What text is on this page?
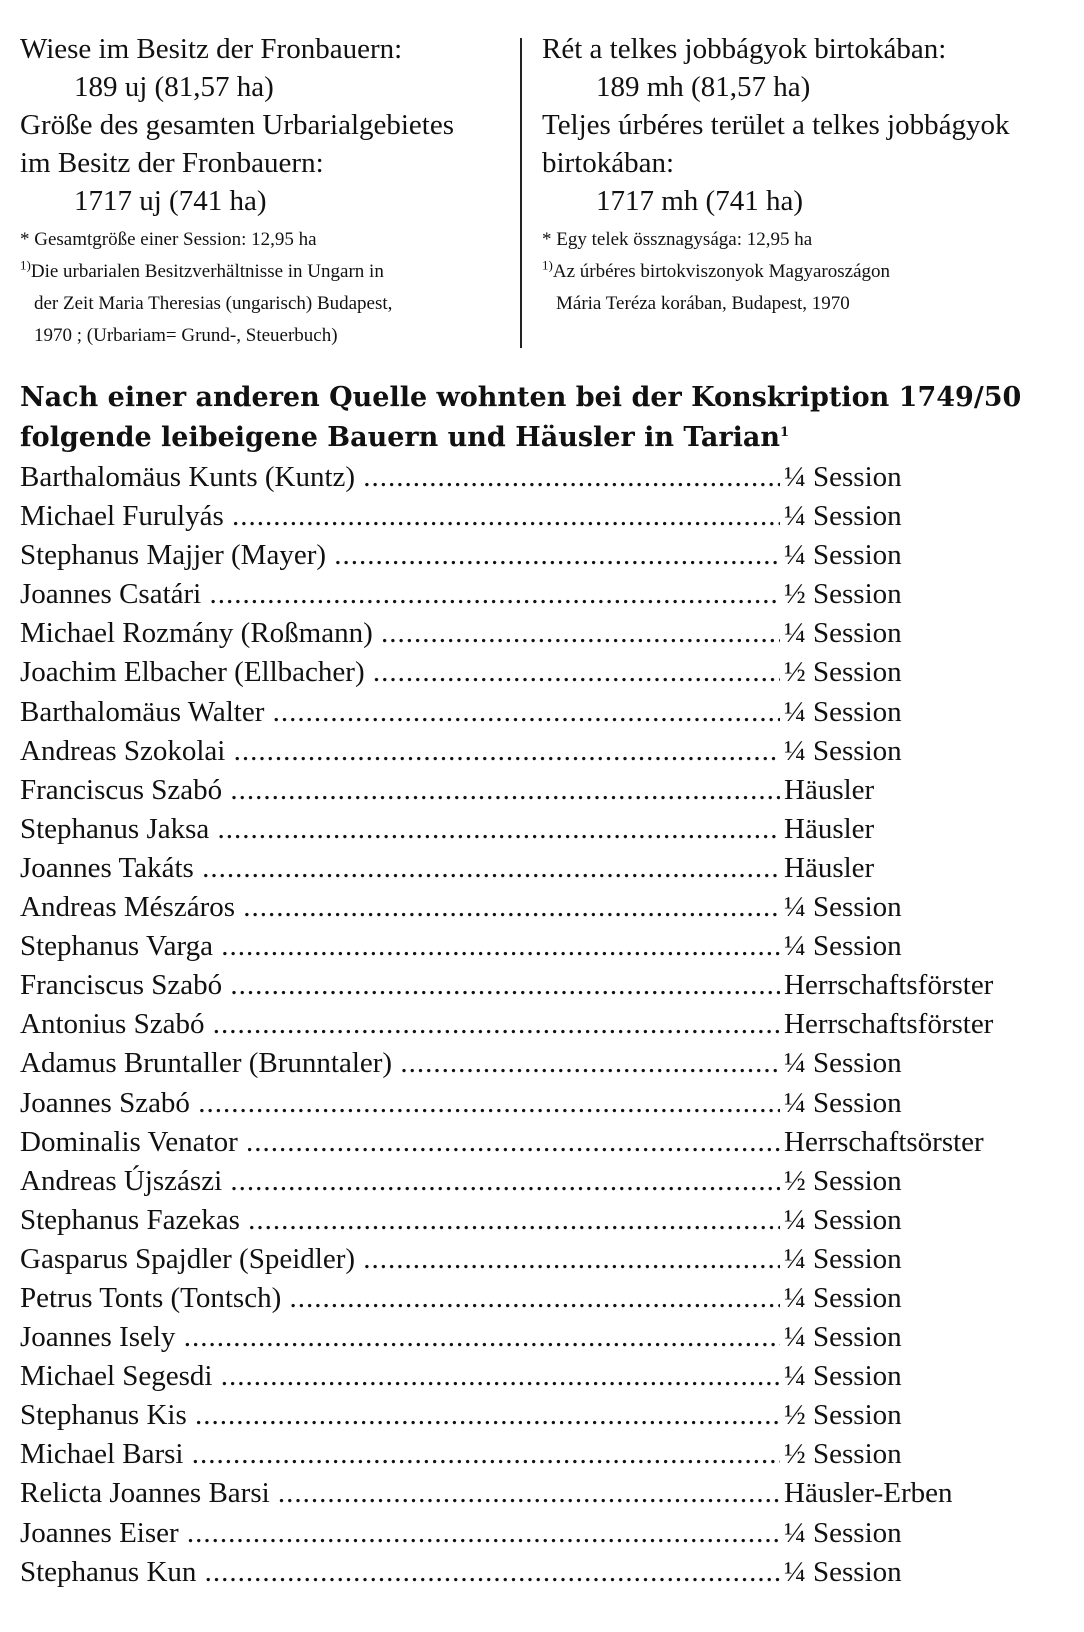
Wiese im Besitz der Fronbauern:
189 uj (81,57 ha)
Größe des gesamten Urbarialgebietes
im Besitz der Fronbauern:
1717 uj (741 ha)
* Gesamtgröße einer Session: 12,95 ha
$^{1)}$Die urbarialen Besitzverhältnisse in Ungarn in
der Zeit Maria Theresias (ungarisch) Budapest,
1970 ; (Urbariam= Grund-, Steuerbuch)
Rét a telkes jobbágyok birtokában:
189 mh (81,57 ha)
Teljes úrbéres terület a telkes jobbágyok
birtokában:
1717 mh (741 ha)
* Egy telek össznagysága: 12,95 ha
$^{1)}$Az úrbéres birtokviszonyok Magyaroszágon
Mária Teréza korában, Budapest, 1970
Nach einer anderen Quelle wohnten bei der Konskription 1749/50
folgende leibeigene Bauern und Häusler in Tarian$^1$
Barthalomäus Kunts (Kuntz) .....	¼ Session
Michael Furulyás .....	¼ Session
Stephanus Majjer (Mayer) .....	¼ Session
Joannes Csatári .....	½ Session
Michael Rozmány (Roßmann) .....	¼ Session
Joachim Elbacher (Ellbacher) .....	½ Session
Barthalomäus Walter .....	¼ Session
Andreas Szokolai .....	¼ Session
Franciscus Szabó .....	Häusler
Stephanus Jaksa .....	Häusler
Joannes Takáts .....	Häusler
Andreas Mészáros .....	¼ Session
Stephanus Varga .....	¼ Session
Franciscus Szabó .....	Herrschaftsförster
Antonius Szabó .....	Herrschaftsförster
Adamus Bruntaller (Brunntaler) .....	¼ Session
Joannes Szabó .....	¼ Session
Dominalis Venator .....	Herrschaftsörster
Andreas Újszászi .....	½ Session
Stephanus Fazekas .....	¼ Session
Gasparus Spajdler (Speidler) .....	¼ Session
Petrus Tonts (Tontsch) .....	¼ Session
Joannes Isely .....	¼ Session
Michael Segesdi .....	¼ Session
Stephanus Kis .....	½ Session
Michael Barsi .....	½ Session
Relicta Joannes Barsi .....	Häusler-Erben
Joannes Eiser .....	¼ Session
Stephanus Kun .....	¼ Session
